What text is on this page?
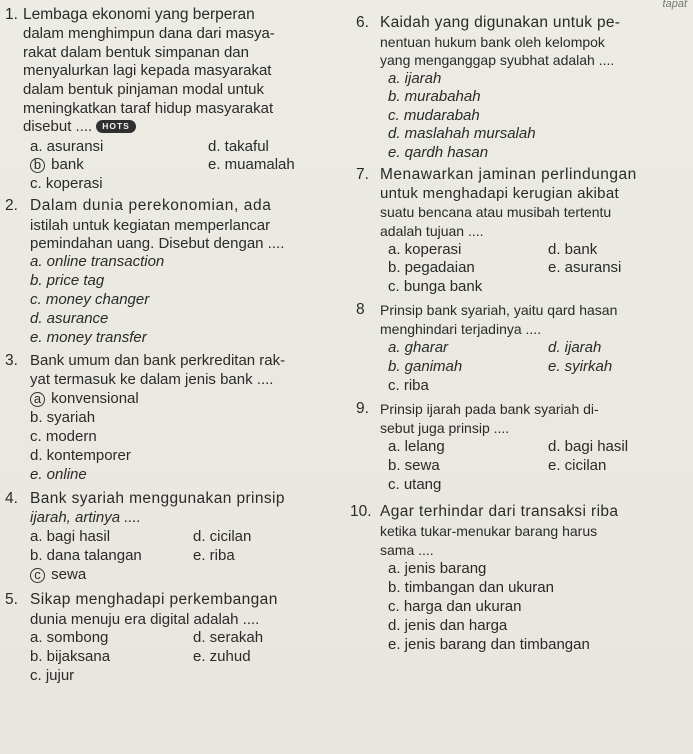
tapat
1. Lembaga ekonomi yang berperan
dalam menghimpun dana dari masya-
rakat dalam bentuk simpanan dan
menyalurkan lagi kepada masyarakat
dalam bentuk pinjaman modal untuk
meningkatkan taraf hidup masyarakat
disebut .... HOTS
a. asuransi
b bank
c. koperasi
d. takaful
e. muamalah
2. Dalam dunia perekonomian, ada
istilah untuk kegiatan memperlancar
pemindahan uang. Disebut dengan ....
a. online transaction
b. price tag
c. money changer
d. asurance
e. money transfer
3. Bank umum dan bank perkreditan rak-
yat termasuk ke dalam jenis bank ....
a konvensional
b. syariah
c. modern
d. kontemporer
e. online
4. Bank syariah menggunakan prinsip
ijarah, artinya ....
a. bagi hasil
b. dana talangan
c sewa
d. cicilan
e. riba
5. Sikap menghadapi perkembangan
dunia menuju era digital adalah ....
a. sombong
b. bijaksana
c. jujur
d. serakah
e. zuhud
6. Kaidah yang digunakan untuk pe-
nentuan hukum bank oleh kelompok
yang menganggap syubhat adalah ....
a. ijarah
b. murabahah
c. mudarabah
d. maslahah mursalah
e. qardh hasan
7. Menawarkan jaminan perlindungan
untuk menghadapi kerugian akibat
suatu bencana atau musibah tertentu
adalah tujuan ....
a. koperasi
b. pegadaian
c. bunga bank
d. bank
e. asuransi
8 Prinsip bank syariah, yaitu qard hasan
menghindari terjadinya ....
a. gharar
b. ganimah
c. riba
d. ijarah
e. syirkah
9. Prinsip ijarah pada bank syariah di-
sebut juga prinsip ....
a. lelang
b. sewa
c. utang
d. bagi hasil
e. cicilan
10. Agar terhindar dari transaksi riba
ketika tukar-menukar barang harus
sama ....
a. jenis barang
b. timbangan dan ukuran
c. harga dan ukuran
d. jenis dan harga
e. jenis barang dan timbangan
